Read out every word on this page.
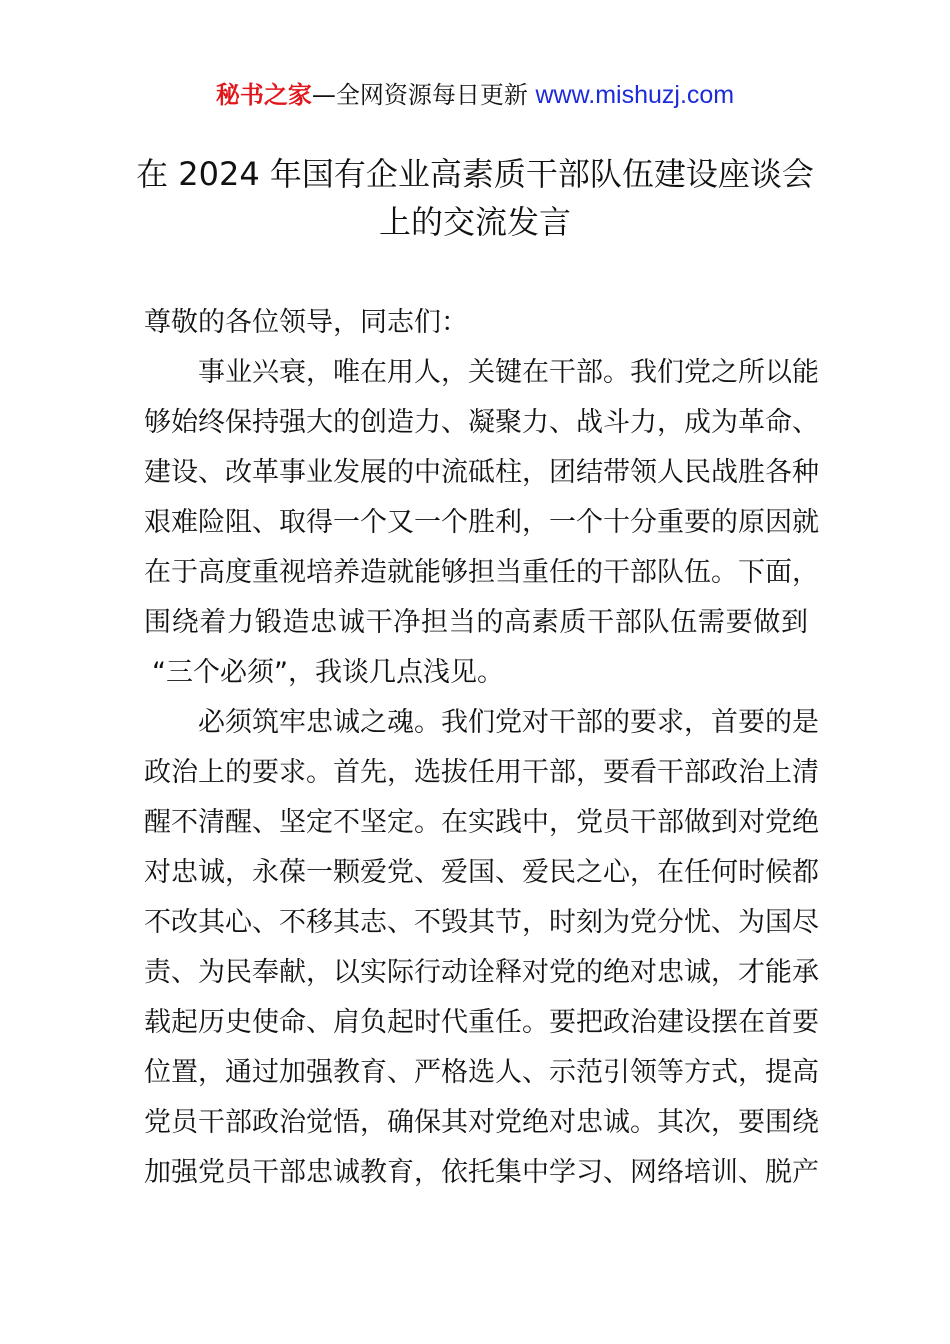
秘书之家—全网资源每日更新 www.mishuzj.com
在 2024 年国有企业高素质干部队伍建设座谈会
上的交流发言
尊敬的各位领导，同志们：
事业兴衰，唯在用人，关键在干部。我们党之所以能
够始终保持强大的创造力、凝聚力、战斗力，成为革命、
建设、改革事业发展的中流砥柱，团结带领人民战胜各种
艰难险阻、取得一个又一个胜利，一个十分重要的原因就
在于高度重视培养造就能够担当重任的干部队伍。下面，
围绕着力锻造忠诚干净担当的高素质干部队伍需要做到
“三个必须”，我谈几点浅见。
必须筑牢忠诚之魂。我们党对干部的要求，首要的是
政治上的要求。首先，选拔任用干部，要看干部政治上清
醒不清醒、坚定不坚定。在实践中，党员干部做到对党绝
对忠诚，永葆一颗爱党、爱国、爱民之心，在任何时候都
不改其心、不移其志、不毁其节，时刻为党分忧、为国尽
责、为民奉献，以实际行动诠释对党的绝对忠诚，才能承
载起历史使命、肩负起时代重任。要把政治建设摆在首要
位置，通过加强教育、严格选人、示范引领等方式，提高
党员干部政治觉悟，确保其对党绝对忠诚。其次，要围绕
加强党员干部忠诚教育，依托集中学习、网络培训、脱产
